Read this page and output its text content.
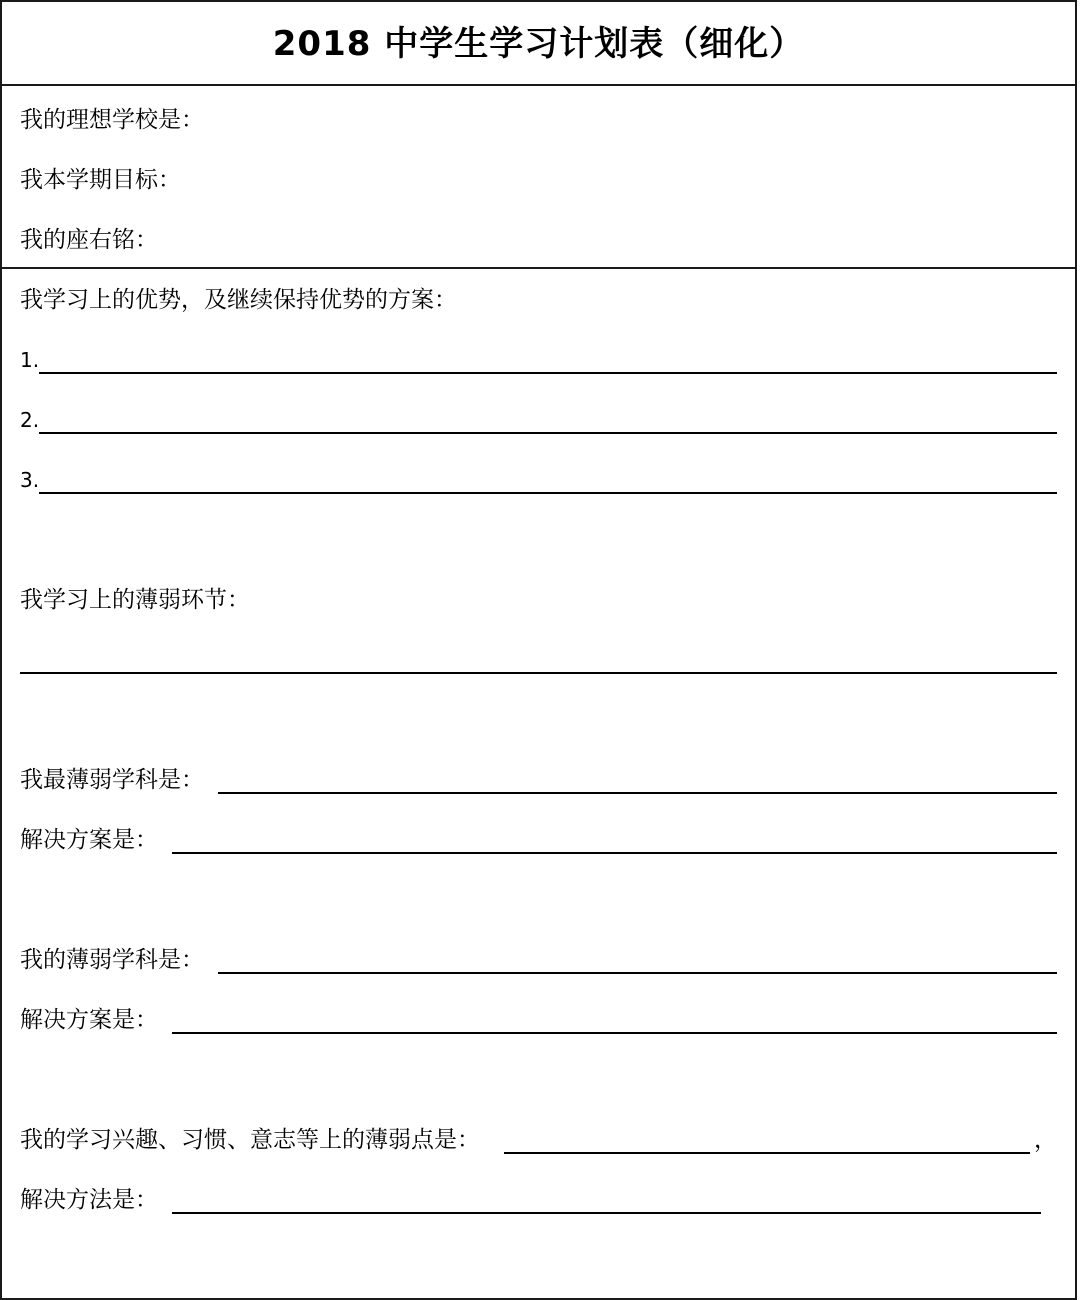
2018 中学生学习计划表（细化）
我的理想学校是：
我本学期目标：
我的座右铭：
我学习上的优势，及继续保持优势的方案：
1.
2.
3.
我学习上的薄弱环节：
我最薄弱学科是：
解决方案是：
我的薄弱学科是：
解决方案是：
我的学习兴趣、习惯、意志等上的薄弱点是：	，
解决方法是：
